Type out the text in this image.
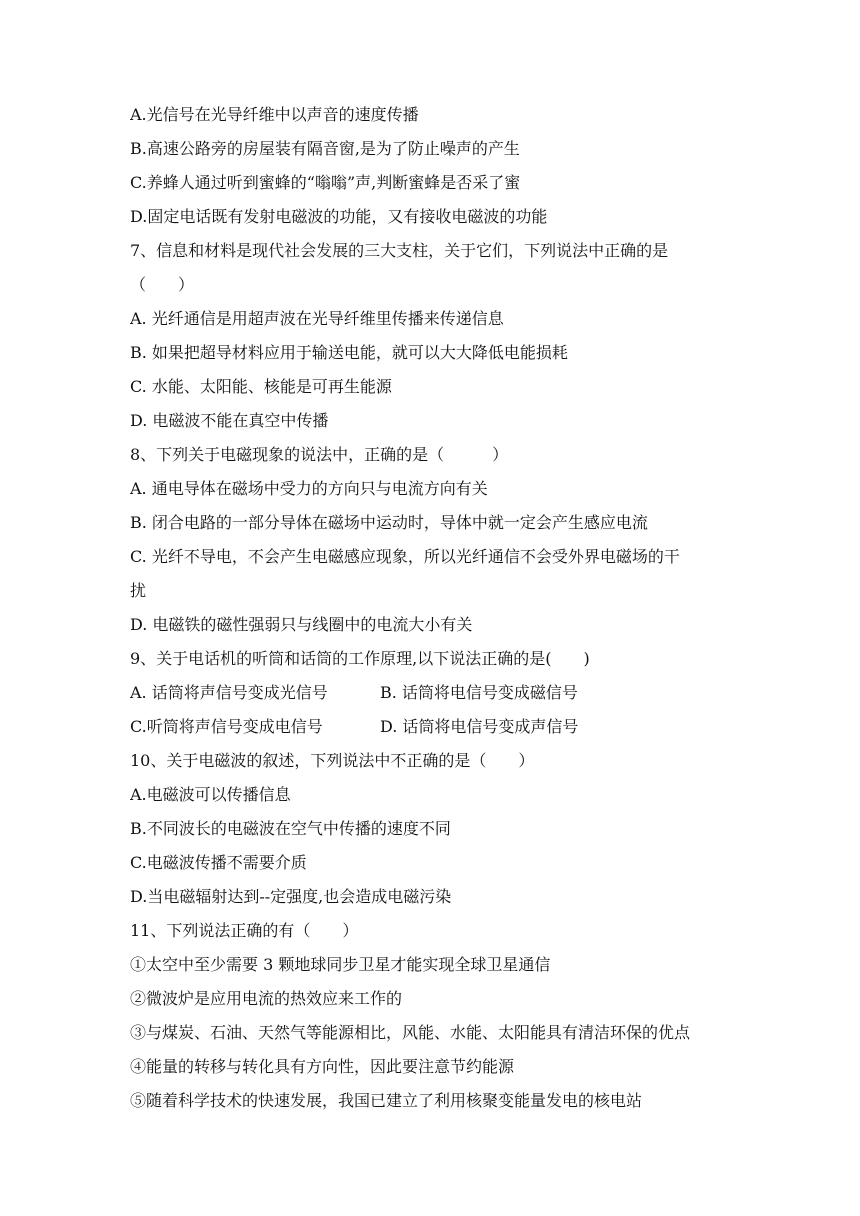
A.光信号在光导纤维中以声音的速度传播
B.高速公路旁的房屋装有隔音窗,是为了防止噪声的产生
C.养蜂人通过听到蜜蜂的“嗡嗡”声,判断蜜蜂是否采了蜜
D.固定电话既有发射电磁波的功能，又有接收电磁波的功能
7、信息和材料是现代社会发展的三大支柱，关于它们，下列说法中正确的是
（　　）
A. 光纤通信是用超声波在光导纤维里传播来传递信息
B. 如果把超导材料应用于输送电能，就可以大大降低电能损耗
C. 水能、太阳能、核能是可再生能源
D. 电磁波不能在真空中传播
8、下列关于电磁现象的说法中，正确的是（　　　）
A. 通电导体在磁场中受力的方向只与电流方向有关
B. 闭合电路的一部分导体在磁场中运动时，导体中就一定会产生感应电流
C. 光纤不导电，不会产生电磁感应现象，所以光纤通信不会受外界电磁场的干
扰
D. 电磁铁的磁性强弱只与线圈中的电流大小有关
9、关于电话机的听筒和话筒的工作原理,以下说法正确的是(　　)
A. 话筒将声信号变成光信号	B. 话筒将电信号变成磁信号
C.听筒将声信号变成电信号	D. 话筒将电信号变成声信号
10、关于电磁波的叙述，下列说法中不正确的是（　　）
A.电磁波可以传播信息
B.不同波长的电磁波在空气中传播的速度不同
C.电磁波传播不需要介质
D.当电磁辐射达到--定强度,也会造成电磁污染
11、下列说法正确的有（　　）
①太空中至少需要 3 颗地球同步卫星才能实现全球卫星通信
②微波炉是应用电流的热效应来工作的
③与煤炭、石油、天然气等能源相比，风能、水能、太阳能具有清洁环保的优点
④能量的转移与转化具有方向性，因此要注意节约能源
⑤随着科学技术的快速发展，我国已建立了利用核聚变能量发电的核电站
